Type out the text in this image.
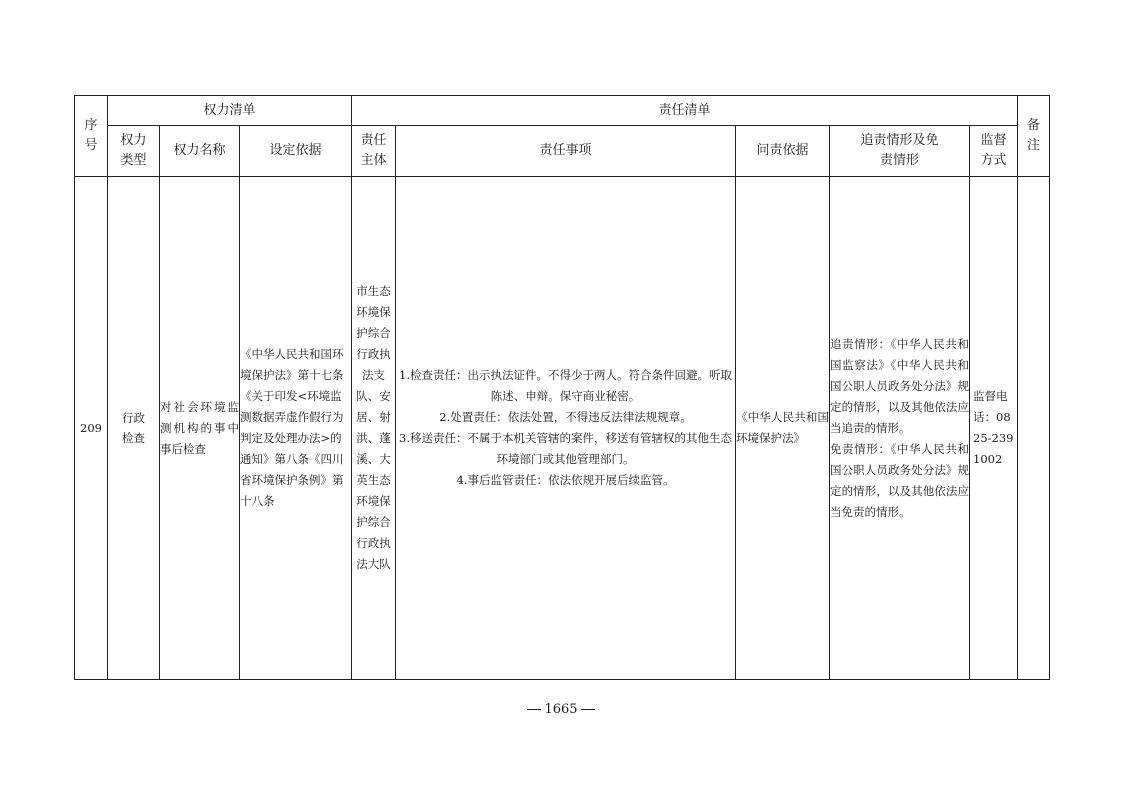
序号	权力清单			责任清单					备注
	权力类型	权力名称	设定依据	责任主体	责任事项	问责依据	追责情形及免责情形	监督方式	
209	行政检查	对社会环境监测机构的事中事后检查	《中华人民共和国环境保护法》第十七条《关于印发<环境监测数据弄虚作假行为判定及处理办法>的通知》第八条《四川省环境保护条例》第十八条	市生态环境保护综合行政执法支队、安居、射洪、蓬溪、大英生态环境保护综合行政执法大队	1.检查责任：出示执法证件。不得少于两人。符合条件回避。听取陈述、申辩。保守商业秘密。
2.处置责任：依法处置，不得违反法律法规规章。
3.移送责任：不属于本机关管辖的案件，移送有管辖权的其他生态环境部门或其他管理部门。
4.事后监管责任：依法依规开展后续监管。	《中华人民共和国环境保护法》	追责情形：《中华人民共和国监察法》《中华人民共和国公职人员政务处分法》规定的情形，以及其他依法应当追责的情形。
免责情形：《中华人民共和国公职人员政务处分法》规定的情形，以及其他依法应当免责的情形。	监督电话：0825-2391002	
1665
